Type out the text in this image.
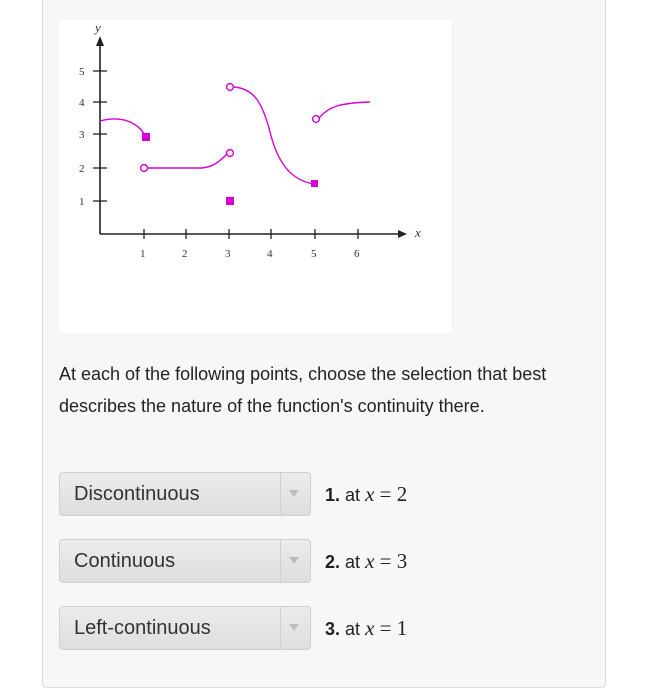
x
y
1	2	3	4	5	6
1
2
3
4
5
At each of the following points, choose the selection that best describes the nature of the function's continuity there.
Discontinuous	1. at x = 2
Continuous	2. at x = 3
Left-continuous	3. at x = 1
